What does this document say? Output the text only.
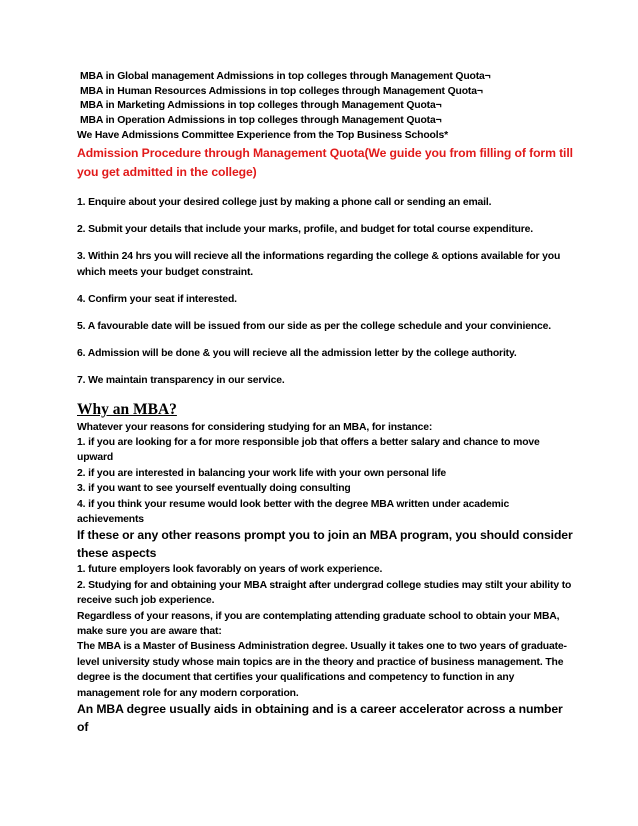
MBA in Global management Admissions in top colleges through Management Quota¬
MBA in Human Resources Admissions in top colleges through Management Quota¬
MBA in Marketing Admissions in top colleges through Management Quota¬
MBA in Operation Admissions in top colleges through Management Quota¬
We Have Admissions Committee Experience from the Top Business Schools*
Admission Procedure through Management Quota(We guide you from filling of form till you get admitted in the college)
1. Enquire about your desired college just by making a phone call or sending an email.
2. Submit your details that include your marks, profile, and budget for total course expenditure.
3. Within 24 hrs you will recieve all the informations regarding the college & options available for you which meets your budget constraint.
4. Confirm your seat if interested.
5. A favourable date will be issued from our side as per the college schedule and your convinience.
6. Admission will be done & you will recieve all the admission letter by the college authority.
7. We maintain transparency in our service.
Why an MBA?
Whatever your reasons for considering studying for an MBA, for instance:
1. if you are looking for a for more responsible job that offers a better salary and chance to move upward
2. if you are interested in balancing your work life with your own personal life
3. if you want to see yourself eventually doing consulting
4. if you think your resume would look better with the degree MBA written under academic achievements
If these or any other reasons prompt you to join an MBA program, you should consider these aspects
1. future employers look favorably on years of work experience.
2. Studying for and obtaining your MBA straight after undergrad college studies may stilt your ability to receive such job experience.
Regardless of your reasons, if you are contemplating attending graduate school to obtain your MBA, make sure you are aware that:
The MBA is a Master of Business Administration degree. Usually it takes one to two years of graduate-level university study whose main topics are in the theory and practice of business management. The degree is the document that certifies your qualifications and competency to function in any management role for any modern corporation.
An MBA degree usually aids in obtaining and is a career accelerator across a number of
